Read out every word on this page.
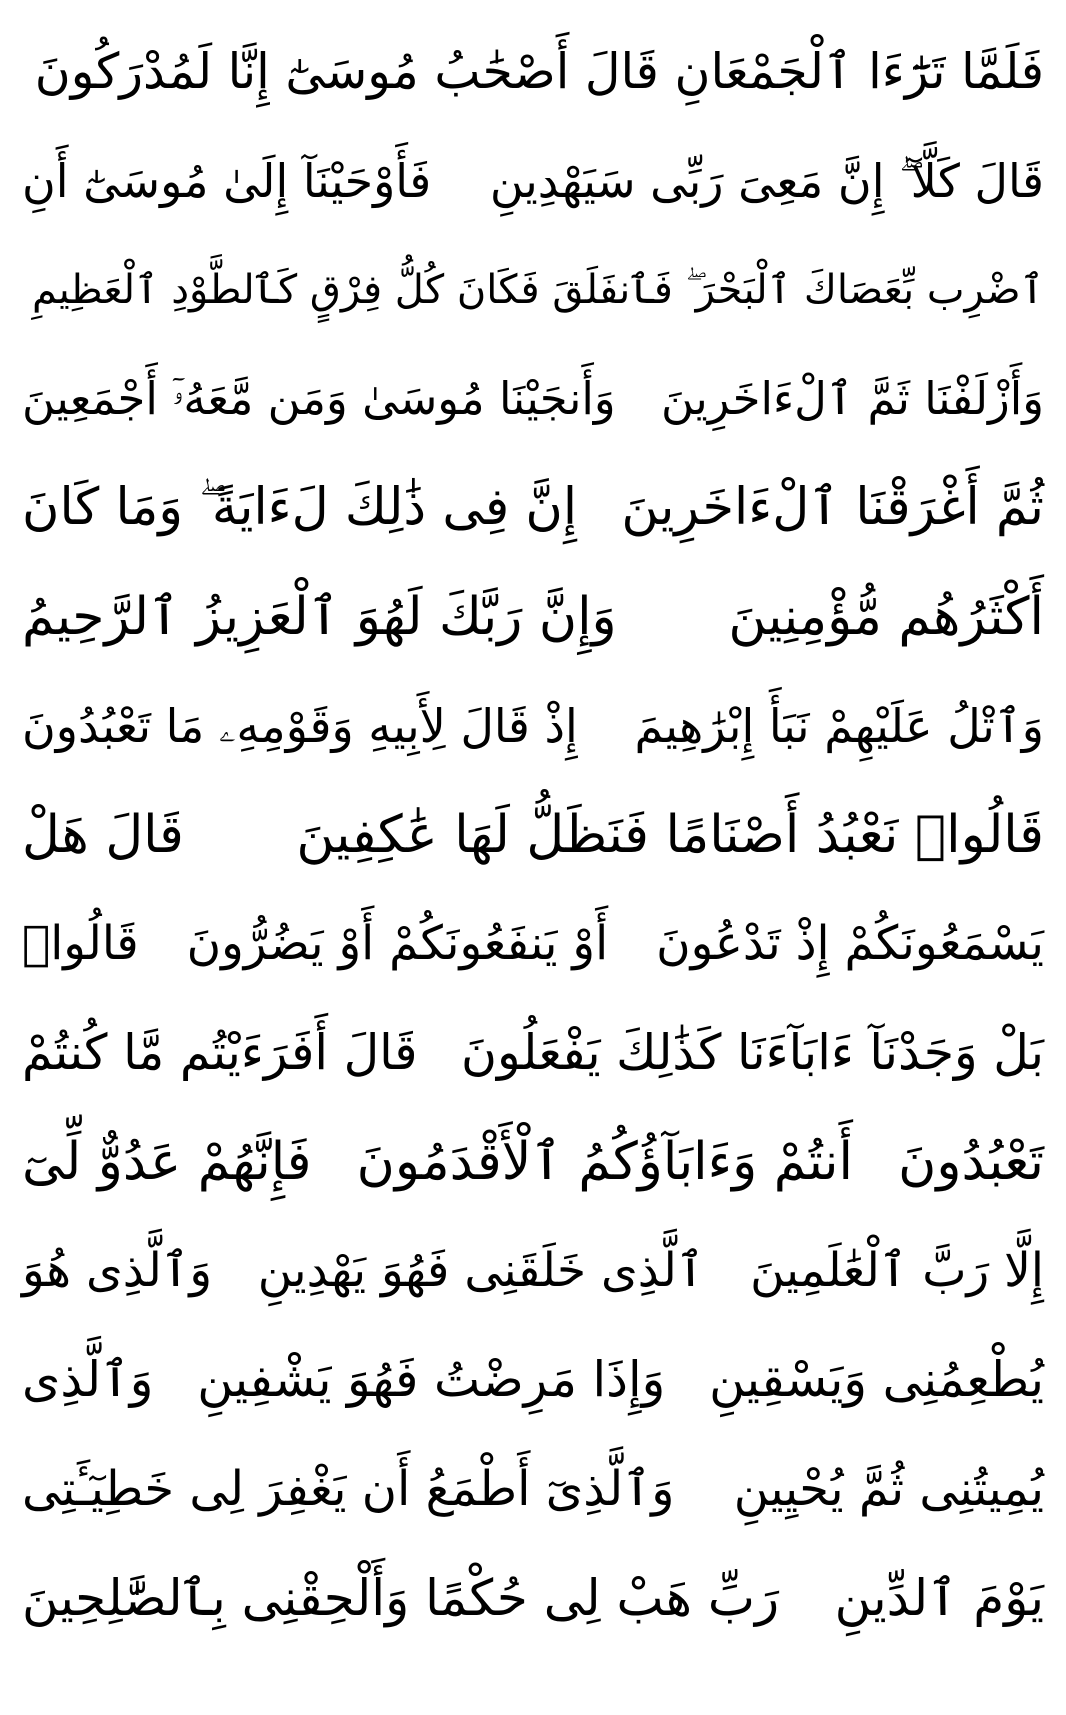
فَلَمَّا تَرَٰٓءَا ٱلْجَمْعَانِ قَالَ أَصْحَٰبُ مُوسَىٰٓ إِنَّا لَمُدْرَكُونَ
قَالَ كَلَّآ ۖ إِنَّ مَعِىَ رَبِّى سَيَهْدِينِ
فَأَوْحَيْنَآ إِلَىٰ مُوسَىٰٓ أَنِ
ٱضْرِب بِّعَصَاكَ ٱلْبَحْرَ ۖ فَٱنفَلَقَ فَكَانَ كُلُّ فِرْقٍ كَٱلطَّوْدِ ٱلْعَظِيمِ
وَأَزْلَفْنَا ثَمَّ ٱلْءَاخَرِينَ
وَأَنجَيْنَا مُوسَىٰ وَمَن مَّعَهُۥٓ أَجْمَعِينَ
ثُمَّ أَغْرَقْنَا ٱلْءَاخَرِينَ
إِنَّ فِى ذَٰلِكَ لَءَايَةً ۖ وَمَا كَانَ
أَكْثَرُهُم مُّؤْمِنِينَ
وَإِنَّ رَبَّكَ لَهُوَ ٱلْعَزِيزُ ٱلرَّحِيمُ
وَٱتْلُ عَلَيْهِمْ نَبَأَ إِبْرَٰهِيمَ
إِذْ قَالَ لِأَبِيهِ وَقَوْمِهِۦ مَا تَعْبُدُونَ
قَالُوا۟ نَعْبُدُ أَصْنَامًا فَنَظَلُّ لَهَا عَٰكِفِينَ
قَالَ هَلْ
يَسْمَعُونَكُمْ إِذْ تَدْعُونَ
أَوْ يَنفَعُونَكُمْ أَوْ يَضُرُّونَ
قَالُوا۟
بَلْ وَجَدْنَآ ءَابَآءَنَا كَذَٰلِكَ يَفْعَلُونَ
قَالَ أَفَرَءَيْتُم مَّا كُنتُمْ
تَعْبُدُونَ
أَنتُمْ وَءَابَآؤُكُمُ ٱلْأَقْدَمُونَ
فَإِنَّهُمْ عَدُوٌّ لِّىٓ
إِلَّا رَبَّ ٱلْعَٰلَمِينَ
ٱلَّذِى خَلَقَنِى فَهُوَ يَهْدِينِ
وَٱلَّذِى هُوَ
يُطْعِمُنِى وَيَسْقِينِ
وَإِذَا مَرِضْتُ فَهُوَ يَشْفِينِ
وَٱلَّذِى
يُمِيتُنِى ثُمَّ يُحْيِينِ
وَٱلَّذِىٓ أَطْمَعُ أَن يَغْفِرَ لِى خَطِيٓـَٔتِى
يَوْمَ ٱلدِّينِ
رَبِّ هَبْ لِى حُكْمًا وَأَلْحِقْنِى بِٱلصَّٰلِحِينَ
